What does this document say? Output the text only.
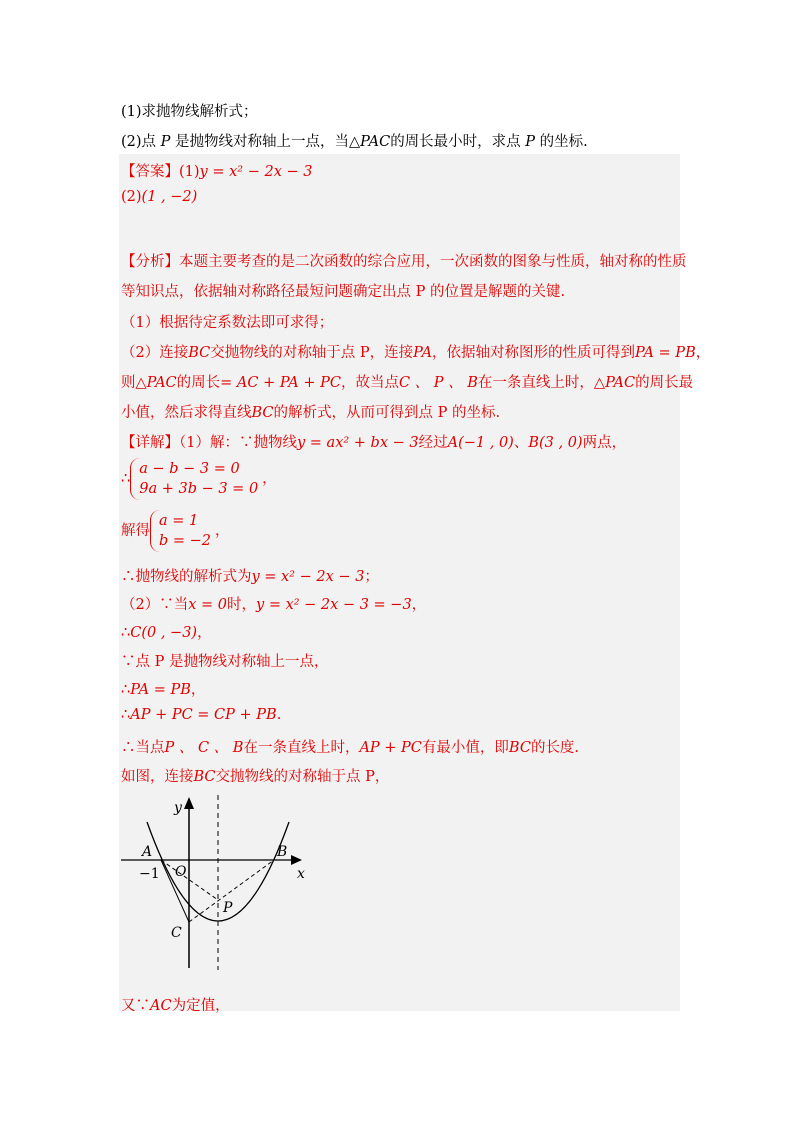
(1)求抛物线解析式；
(2)点 P 是抛物线对称轴上一点，当△PAC的周长最小时，求点 P 的坐标.
【答案】(1)y = x² − 2x − 3
(2)(1 , −2)
【分析】本题主要考查的是二次函数的综合应用，一次函数的图象与性质，轴对称的性质
等知识点，依据轴对称路径最短问题确定出点 P 的位置是解题的关键.
（1）根据待定系数法即可求得；
（2）连接BC交抛物线的对称轴于点 P，连接PA，依据轴对称图形的性质可得到PA = PB，
则△PAC的周长= AC + PA + PC，故当点C 、 P 、 B在一条直线上时，△PAC的周长最
小值，然后求得直线BC的解析式，从而可得到点 P 的坐标.
【详解】（1）解：∵抛物线y = ax² + bx − 3经过A(−1 , 0)、B(3 , 0)两点，
∴
a − b − 3 = 0
9a + 3b − 3 = 0
，
解得
a = 1
b = −2
，
∴抛物线的解析式为y = x² − 2x − 3；
（2）∵当x = 0时，y = x² − 2x − 3 = −3，
∴C(0 , −3)，
∵点 P 是抛物线对称轴上一点，
∴PA = PB，
∴AP + PC = CP + PB.
∴当点P 、 C 、 B在一条直线上时，AP + PC有最小值，即BC的长度.
如图，连接BC交抛物线的对称轴于点 P，
y
x
A	B
O
P
C
−1
又∵AC为定值，
